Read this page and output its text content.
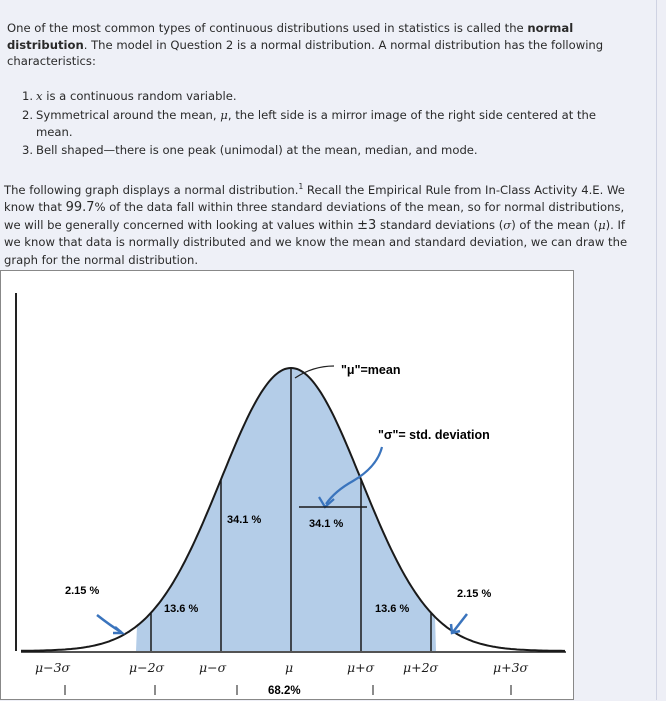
One of the most common types of continuous distributions used in statistics is called the normal distribution. The model in Question 2 is a normal distribution. A normal distribution has the following characteristics:

1. x is a continuous random variable.
2. Symmetrical around the mean, μ, the left side is a mirror image of the right side centered at the mean.
3. Bell shaped—there is one peak (unimodal) at the mean, median, and mode.

The following graph displays a normal distribution.$^1$ Recall the Empirical Rule from In-Class Activity 4.E. We know that 99.7% of the data fall within three standard deviations of the mean, so for normal distributions, we will be generally concerned with looking at values within ±3 standard deviations (σ) of the mean (μ). If we know that data is normally distributed and we know the mean and standard deviation, we can draw the graph for the normal distribution.

34.1 %	34.1 %
13.6 %	13.6 %
2.15 %	2.15 %
"μ"=mean
"σ"= std. deviation
μ−3σ	μ−2σ	μ−σ	μ	μ+σ μ+2σ	μ+3σ
68.2%
